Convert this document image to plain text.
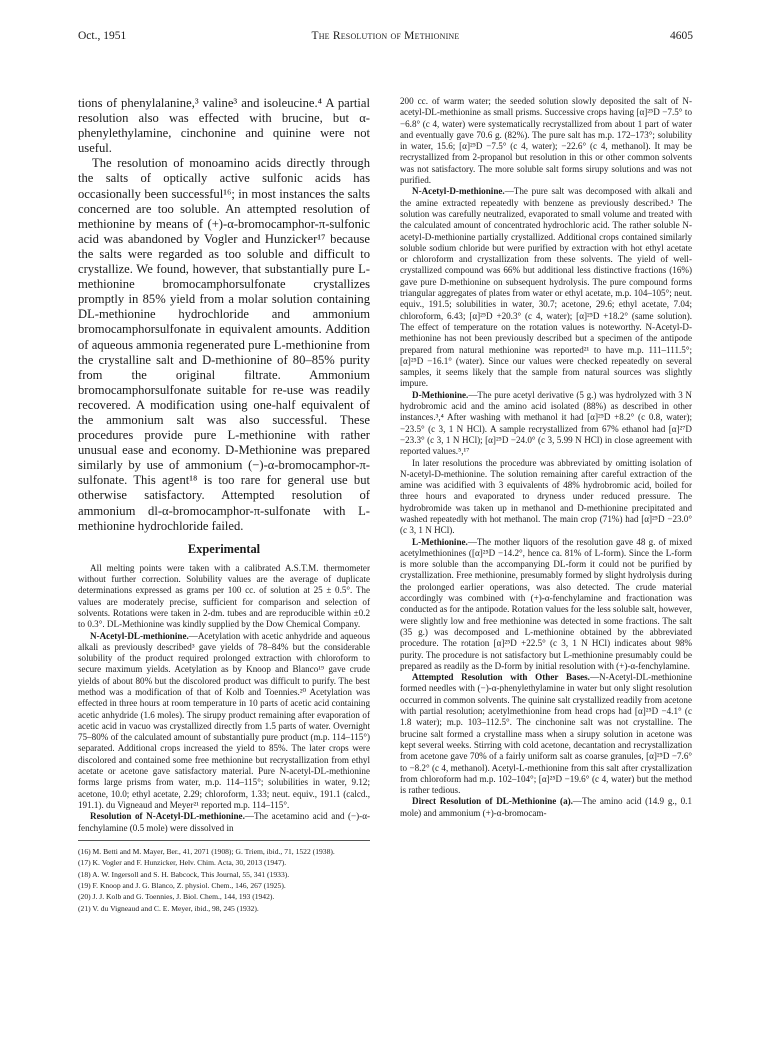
Oct., 1951	The Resolution of Methionine	4605

tions of phenylalanine,³ valine³ and isoleucine.⁴ A partial resolution also was effected with brucine, but α-phenylethylamine, cinchonine and quinine were not useful.

The resolution of monoamino acids directly through the salts of optically active sulfonic acids has occasionally been successful¹⁶; in most instances the salts concerned are too soluble. An attempted resolution of methionine by means of (+)-α-bromocamphor-π-sulfonic acid was abandoned by Vogler and Hunzicker¹⁷ because the salts were regarded as too soluble and difficult to crystallize. We found, however, that substantially pure L-methionine bromocamphorsulfonate crystallizes promptly in 85% yield from a molar solution containing DL-methionine hydrochloride and ammonium bromocamphorsulfonate in equivalent amounts. Addition of aqueous ammonia regenerated pure L-methionine from the crystalline salt and D-methionine of 80–85% purity from the original filtrate. Ammonium bromocamphorsulfonate suitable for re-use was readily recovered. A modification using one-half equivalent of the ammonium salt was also successful. These procedures provide pure L-methionine with rather unusual ease and economy. D-Methionine was prepared similarly by use of ammonium (−)-α-bromocamphor-π-sulfonate. This agent¹⁸ is too rare for general use but otherwise satisfactory. Attempted resolution of ammonium dl-α-bromocamphor-π-sulfonate with L-methionine hydrochloride failed.

Experimental

All melting points were taken with a calibrated A.S.T.M. thermometer without further correction. Solubility values are the average of duplicate determinations expressed as grams per 100 cc. of solution at 25 ± 0.5°. The values are moderately precise, sufficient for comparison and selection of solvents. Rotations were taken in 2-dm. tubes and are reproducible within ±0.2 to 0.3°. DL-Methionine was kindly supplied by the Dow Chemical Company.

N-Acetyl-DL-methionine.—Acetylation with acetic anhydride and aqueous alkali as previously described³ gave yields of 78–84% but the considerable solubility of the product required prolonged extraction with chloroform to secure maximum yields. Acetylation as by Knoop and Blanco¹⁹ gave crude yields of about 80% but the discolored product was difficult to purify. The best method was a modification of that of Kolb and Toennies.²⁰ Acetylation was effected in three hours at room temperature in 10 parts of acetic acid containing acetic anhydride (1.6 moles). The sirupy product remaining after evaporation of acetic acid in vacuo was crystallized directly from 1.5 parts of water. Overnight 75–80% of the calculated amount of substantially pure product (m.p. 114–115°) separated. Additional crops increased the yield to 85%. The later crops were discolored and contained some free methionine but recrystallization from ethyl acetate or acetone gave satisfactory material. Pure N-acetyl-DL-methionine forms large prisms from water, m.p. 114–115°; solubilities in water, 9.12; acetone, 10.0; ethyl acetate, 2.29; chloroform, 1.33; neut. equiv., 191.1 (calcd., 191.1). du Vigneaud and Meyer²¹ reported m.p. 114–115°.

Resolution of N-Acetyl-DL-methionine.—The acetamino acid and (−)-α-fenchylamine (0.5 mole) were dissolved in

(16) M. Betti and M. Mayer, Ber., 41, 2071 (1908); G. Triem, ibid., 71, 1522 (1938).

(17) K. Vogler and F. Hunzicker, Helv. Chim. Acta, 30, 2013 (1947).

(18) A. W. Ingersoll and S. H. Babcock, This Journal, 55, 341 (1933).

(19) F. Knoop and J. G. Blanco, Z. physiol. Chem., 146, 267 (1925).

(20) J. J. Kolb and G. Toennies, J. Biol. Chem., 144, 193 (1942).

(21) V. du Vigneaud and C. E. Meyer, ibid., 98, 245 (1932).

200 cc. of warm water; the seeded solution slowly deposited the salt of N-acetyl-DL-methionine as small prisms. Successive crops having [α]²⁵D −7.5° to −6.8° (c 4, water) were systematically recrystallized from about 1 part of water and eventually gave 70.6 g. (82%). The pure salt has m.p. 172–173°; solubility in water, 15.6; [α]²⁵D −7.5° (c 4, water); −22.6° (c 4, methanol). It may be recrystallized from 2-propanol but resolution in this or other common solvents was not satisfactory. The more soluble salt forms sirupy solutions and was not purified.

N-Acetyl-D-methionine.—The pure salt was decomposed with alkali and the amine extracted repeatedly with benzene as previously described.³ The solution was carefully neutralized, evaporated to small volume and treated with the calculated amount of concentrated hydrochloric acid. The rather soluble N-acetyl-D-methionine partially crystallized. Additional crops contained similarly soluble sodium chloride but were purified by extraction with hot ethyl acetate or chloroform and crystallization from these solvents. The yield of well-crystallized compound was 66% but additional less distinctive fractions (16%) gave pure D-methionine on subsequent hydrolysis. The pure compound forms triangular aggregates of plates from water or ethyl acetate, m.p. 104–105°; neut. equiv., 191.5; solubilities in water, 30.7; acetone, 29.6; ethyl acetate, 7.04; chloroform, 6.43; [α]²⁵D +20.3° (c 4, water); [α]²⁵D +18.2° (same solution). The effect of temperature on the rotation values is noteworthy. N-Acetyl-D-methionine has not been previously described but a specimen of the antipode prepared from natural methionine was reported²¹ to have m.p. 111–111.5°; [α]²⁵D −16.1° (water). Since our values were checked repeatedly on several samples, it seems likely that the sample from natural sources was slightly impure.

D-Methionine.—The pure acetyl derivative (5 g.) was hydrolyzed with 3 N hydrobromic acid and the amino acid isolated (88%) as described in other instances.³,⁴ After washing with methanol it had [α]²⁵D +8.2° (c 0.8, water); −23.5° (c 3, 1 N HCl). A sample recrystallized from 67% ethanol had [α]²⁷D −23.3° (c 3, 1 N HCl); [α]²⁵D −24.0° (c 3, 5.99 N HCl) in close agreement with reported values.⁵,¹⁷

In later resolutions the procedure was abbreviated by omitting isolation of N-acetyl-D-methionine. The solution remaining after careful extraction of the amine was acidified with 3 equivalents of 48% hydrobromic acid, boiled for three hours and evaporated to dryness under reduced pressure. The hydrobromide was taken up in methanol and D-methionine precipitated and washed repeatedly with hot methanol. The main crop (71%) had [α]²⁵D −23.0° (c 3, 1 N HCl).

L-Methionine.—The mother liquors of the resolution gave 48 g. of mixed acetylmethionines ([α]²⁵D −14.2°, hence ca. 81% of L-form). Since the L-form is more soluble than the accompanying DL-form it could not be purified by crystallization. Free methionine, presumably formed by slight hydrolysis during the prolonged earlier operations, was also detected. The crude material accordingly was combined with (+)-α-fenchylamine and fractionation was conducted as for the antipode. Rotation values for the less soluble salt, however, were slightly low and free methionine was detected in some fractions. The salt (35 g.) was decomposed and L-methionine obtained by the abbreviated procedure. The rotation [α]²⁵D +22.5° (c 3, 1 N HCl) indicates about 98% purity. The procedure is not satisfactory but L-methionine presumably could be prepared as readily as the D-form by initial resolution with (+)-α-fenchylamine.

Attempted Resolution with Other Bases.—N-Acetyl-DL-methionine formed needles with (−)-α-phenylethylamine in water but only slight resolution occurred in common solvents. The quinine salt crystallized readily from acetone with partial resolution; acetylmethionine from head crops had [α]²⁵D −4.1° (c 1.8 water); m.p. 103–112.5°. The cinchonine salt was not crystalline. The brucine salt formed a crystalline mass when a sirupy solution in acetone was kept several weeks. Stirring with cold acetone, decantation and recrystallization from acetone gave 70% of a fairly uniform salt as coarse granules, [α]²⁵D −7.6° to −8.2° (c 4, methanol). Acetyl-L-methionine from this salt after crystallization from chloroform had m.p. 102–104°; [α]²⁵D −19.6° (c 4, water) but the method is rather tedious.

Direct Resolution of DL-Methionine (a).—The amino acid (14.9 g., 0.1 mole) and ammonium (+)-α-bromocam-
